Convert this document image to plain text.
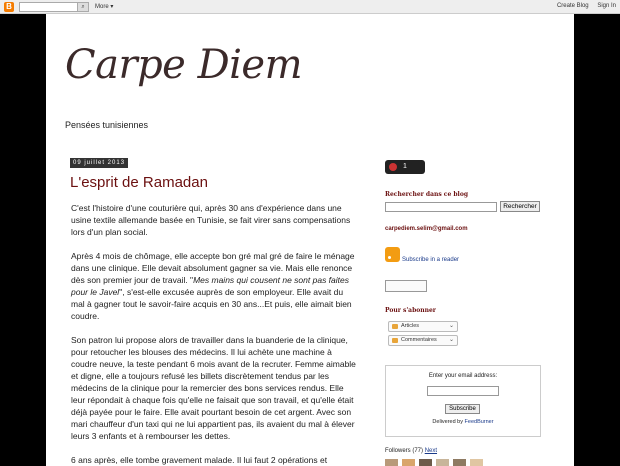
B	⌕	More ▾	Create Blog Sign In
Carpe Diem
Pensées tunisiennes
09 juillet 2013
L'esprit de Ramadan

C'est l'histoire d'une couturière qui, après 30 ans d'expérience dans une usine textile allemande basée en Tunisie, se fait virer sans compensations lors d'un plan social.

Après 4 mois de chômage, elle accepte bon gré mal gré de faire le ménage dans une clinique. Elle devait absolument gagner sa vie. Mais elle renonce dès son premier jour de travail. "Mes mains qui cousent ne sont pas faites pour le Javel", s'est-elle excusée auprès de son employeur. Elle avait du mal à gagner tout le savoir-faire acquis en 30 ans...Et puis, elle aimait bien coudre.

Son patron lui propose alors de travailler dans la buanderie de la clinique, pour retoucher les blouses des médecins. Il lui achète une machine à coudre neuve, la teste pendant 6 mois avant de la recruter. Femme aimable et digne, elle a toujours refusé les billets discrètement tendus par les médecins de la clinique pour la remercier des bons services rendus. Elle leur répondait à chaque fois qu'elle ne faisait que son travail, et qu'elle était déjà payée pour le faire. Elle avait pourtant besoin de cet argent. Avec son mari chauffeur d'un taxi qui ne lui appartient pas, ils avaient du mal à élever leurs 3 enfants et à rembourser les dettes.

6 ans après, elle tombe gravement malade. Il lui faut 2 opérations et

1
Rechercher dans ce blog
Rechercher
carpediem.selim@gmail.com
Subscribe in a reader
Pour s'abonner
Articles	⌄
Commentaires ⌄
Enter your email address:
Subscribe
Delivered by FeedBurner
Followers (77) Next
